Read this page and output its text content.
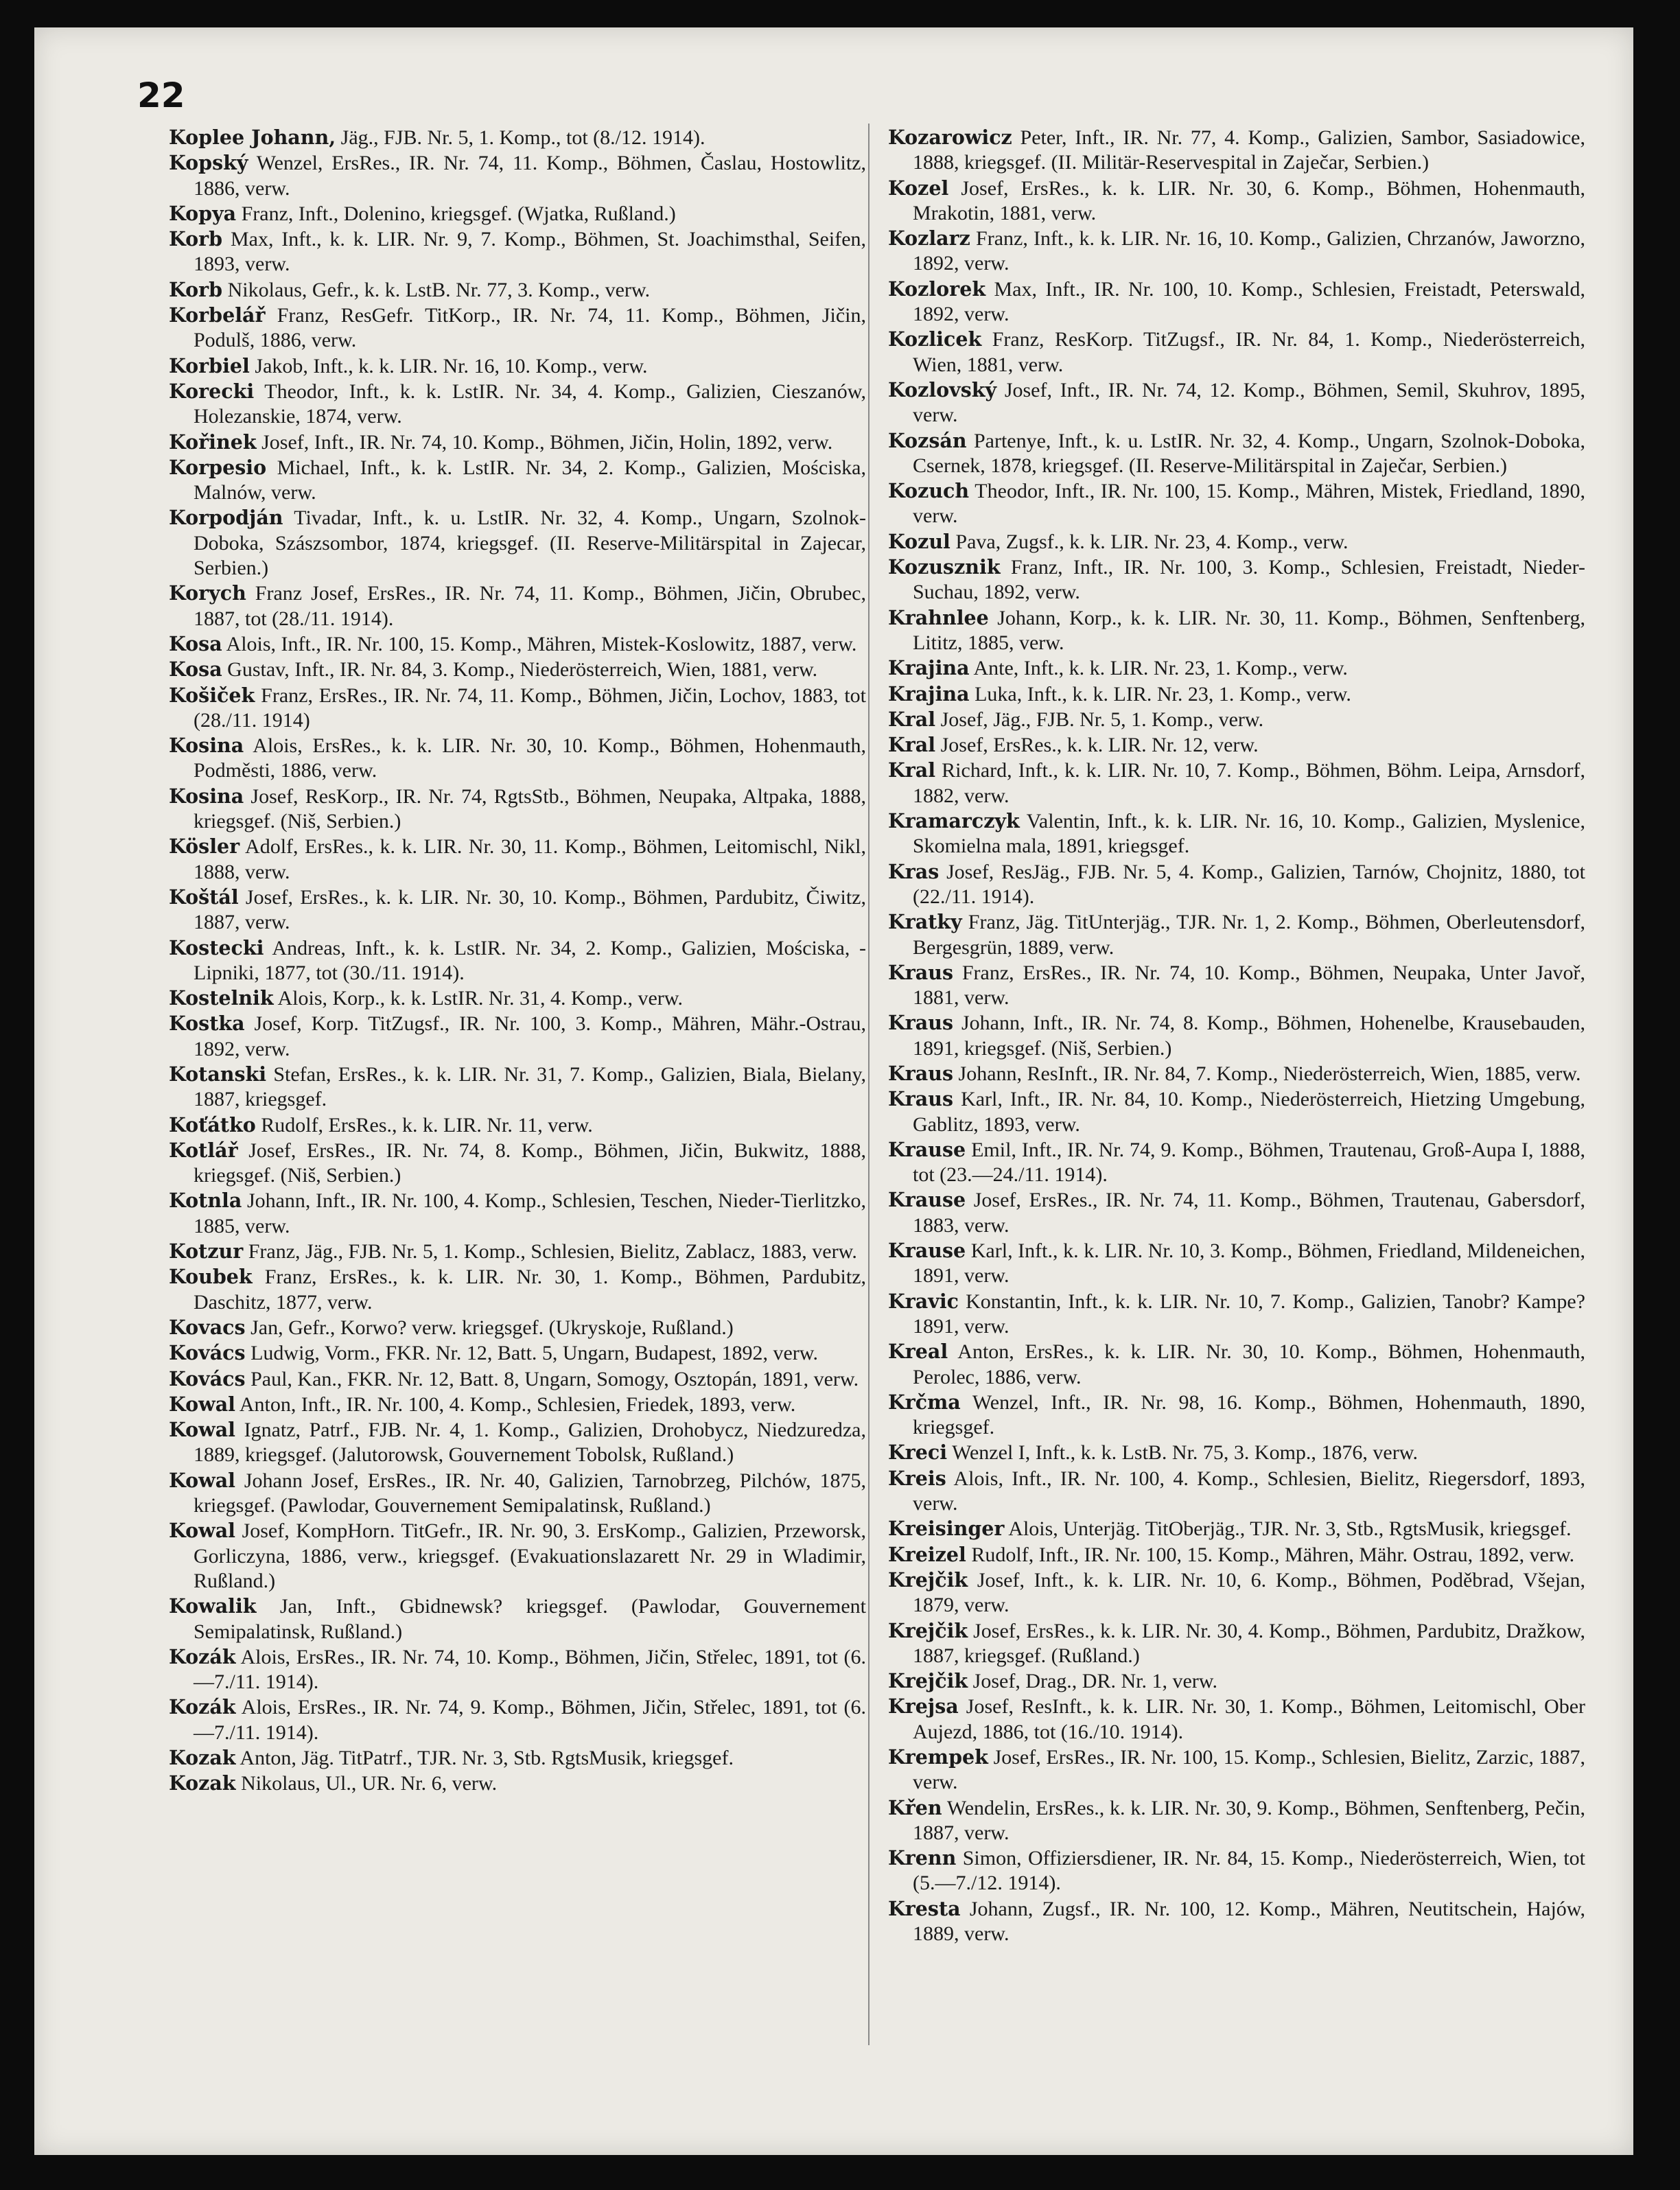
22

Koplee Johann, Jäg., FJB. Nr. 5, 1. Komp., tot (8./12. 1914).

Kopský Wenzel, ErsRes., IR. Nr. 74, 11. Komp., Böhmen, Časlau, Hostowlitz, 1886, verw.

Kopya Franz, Inft., Dolenino, kriegsgef. (Wjatka, Rußland.)

Korb Max, Inft., k. k. LIR. Nr. 9, 7. Komp., Böhmen, St. Joachimsthal, Seifen, 1893, verw.

Korb Nikolaus, Gefr., k. k. LstB. Nr. 77, 3. Komp., verw.

Korbelář Franz, ResGefr. TitKorp., IR. Nr. 74, 11. Komp., Böhmen, Jičin, Podulš, 1886, verw.

Korbiel Jakob, Inft., k. k. LIR. Nr. 16, 10. Komp., verw.

Korecki Theodor, Inft., k. k. LstIR. Nr. 34, 4. Komp., Galizien, Cieszanów, Holezanskie, 1874, verw.

Kořinek Josef, Inft., IR. Nr. 74, 10. Komp., Böhmen, Jičin, Holin, 1892, verw.

Korpesio Michael, Inft., k. k. LstIR. Nr. 34, 2. Komp., Galizien, Mościska, Malnów, verw.

Korpodján Tivadar, Inft., k. u. LstIR. Nr. 32, 4. Komp., Ungarn, Szolnok-Doboka, Szászsombor, 1874, kriegsgef. (II. Reserve-Militärspital in Zajecar, Serbien.)

Korych Franz Josef, ErsRes., IR. Nr. 74, 11. Komp., Böhmen, Jičin, Obrubec, 1887, tot (28./11. 1914).

Kosa Alois, Inft., IR. Nr. 100, 15. Komp., Mähren, Mistek-Koslowitz, 1887, verw.

Kosa Gustav, Inft., IR. Nr. 84, 3. Komp., Niederösterreich, Wien, 1881, verw.

Košiček Franz, ErsRes., IR. Nr. 74, 11. Komp., Böhmen, Jičin, Lochov, 1883, tot (28./11. 1914)

Kosina Alois, ErsRes., k. k. LIR. Nr. 30, 10. Komp., Böhmen, Hohenmauth, Podměsti, 1886, verw.

Kosina Josef, ResKorp., IR. Nr. 74, RgtsStb., Böhmen, Neupaka, Altpaka, 1888, kriegsgef. (Niš, Serbien.)

Kösler Adolf, ErsRes., k. k. LIR. Nr. 30, 11. Komp., Böhmen, Leitomischl, Nikl, 1888, verw.

Koštál Josef, ErsRes., k. k. LIR. Nr. 30, 10. Komp., Böhmen, Pardubitz, Čiwitz, 1887, verw.

Kostecki Andreas, Inft., k. k. LstIR. Nr. 34, 2. Komp., Galizien, Mościska, -Lipniki, 1877, tot (30./11. 1914).

Kostelnik Alois, Korp., k. k. LstIR. Nr. 31, 4. Komp., verw.

Kostka Josef, Korp. TitZugsf., IR. Nr. 100, 3. Komp., Mähren, Mähr.-Ostrau, 1892, verw.

Kotanski Stefan, ErsRes., k. k. LIR. Nr. 31, 7. Komp., Galizien, Biala, Bielany, 1887, kriegsgef.

Koťátko Rudolf, ErsRes., k. k. LIR. Nr. 11, verw.

Kotlář Josef, ErsRes., IR. Nr. 74, 8. Komp., Böhmen, Jičin, Bukwitz, 1888, kriegsgef. (Niš, Serbien.)

Kotnla Johann, Inft., IR. Nr. 100, 4. Komp., Schlesien, Teschen, Nieder-Tierlitzko, 1885, verw.

Kotzur Franz, Jäg., FJB. Nr. 5, 1. Komp., Schlesien, Bielitz, Zablacz, 1883, verw.

Koubek Franz, ErsRes., k. k. LIR. Nr. 30, 1. Komp., Böhmen, Pardubitz, Daschitz, 1877, verw.

Kovacs Jan, Gefr., Korwo? verw. kriegsgef. (Ukryskoje, Rußland.)

Kovács Ludwig, Vorm., FKR. Nr. 12, Batt. 5, Ungarn, Budapest, 1892, verw.

Kovács Paul, Kan., FKR. Nr. 12, Batt. 8, Ungarn, Somogy, Osztopán, 1891, verw.

Kowal Anton, Inft., IR. Nr. 100, 4. Komp., Schlesien, Friedek, 1893, verw.

Kowal Ignatz, Patrf., FJB. Nr. 4, 1. Komp., Galizien, Drohobycz, Niedzuredza, 1889, kriegsgef. (Jalutorowsk, Gouvernement Tobolsk, Rußland.)

Kowal Johann Josef, ErsRes., IR. Nr. 40, Galizien, Tarnobrzeg, Pilchów, 1875, kriegsgef. (Pawlodar, Gouvernement Semipalatinsk, Rußland.)

Kowal Josef, KompHorn. TitGefr., IR. Nr. 90, 3. ErsKomp., Galizien, Przeworsk, Gorliczyna, 1886, verw., kriegsgef. (Evakuationslazarett Nr. 29 in Wladimir, Rußland.)

Kowalik Jan, Inft., Gbidnewsk? kriegsgef. (Pawlodar, Gouvernement Semipalatinsk, Rußland.)

Kozák Alois, ErsRes., IR. Nr. 74, 10. Komp., Böhmen, Jičin, Střelec, 1891, tot (6.—7./11. 1914).

Kozák Alois, ErsRes., IR. Nr. 74, 9. Komp., Böhmen, Jičin, Střelec, 1891, tot (6.—7./11. 1914).

Kozak Anton, Jäg. TitPatrf., TJR. Nr. 3, Stb. RgtsMusik, kriegsgef.

Kozak Nikolaus, Ul., UR. Nr. 6, verw.

Kozarowicz Peter, Inft., IR. Nr. 77, 4. Komp., Galizien, Sambor, Sasiadowice, 1888, kriegsgef. (II. Militär-Reservespital in Zaječar, Serbien.)

Kozel Josef, ErsRes., k. k. LIR. Nr. 30, 6. Komp., Böhmen, Hohenmauth, Mrakotin, 1881, verw.

Kozlarz Franz, Inft., k. k. LIR. Nr. 16, 10. Komp., Galizien, Chrzanów, Jaworzno, 1892, verw.

Kozlorek Max, Inft., IR. Nr. 100, 10. Komp., Schlesien, Freistadt, Peterswald, 1892, verw.

Kozlicek Franz, ResKorp. TitZugsf., IR. Nr. 84, 1. Komp., Niederösterreich, Wien, 1881, verw.

Kozlovský Josef, Inft., IR. Nr. 74, 12. Komp., Böhmen, Semil, Skuhrov, 1895, verw.

Kozsán Partenye, Inft., k. u. LstIR. Nr. 32, 4. Komp., Ungarn, Szolnok-Doboka, Csernek, 1878, kriegsgef. (II. Reserve-Militärspital in Zaječar, Serbien.)

Kozuch Theodor, Inft., IR. Nr. 100, 15. Komp., Mähren, Mistek, Friedland, 1890, verw.

Kozul Pava, Zugsf., k. k. LIR. Nr. 23, 4. Komp., verw.

Kozusznik Franz, Inft., IR. Nr. 100, 3. Komp., Schlesien, Freistadt, Nieder-Suchau, 1892, verw.

Krahnlee Johann, Korp., k. k. LIR. Nr. 30, 11. Komp., Böhmen, Senftenberg, Lititz, 1885, verw.

Krajina Ante, Inft., k. k. LIR. Nr. 23, 1. Komp., verw.

Krajina Luka, Inft., k. k. LIR. Nr. 23, 1. Komp., verw.

Kral Josef, Jäg., FJB. Nr. 5, 1. Komp., verw.

Kral Josef, ErsRes., k. k. LIR. Nr. 12, verw.

Kral Richard, Inft., k. k. LIR. Nr. 10, 7. Komp., Böhmen, Böhm. Leipa, Arnsdorf, 1882, verw.

Kramarczyk Valentin, Inft., k. k. LIR. Nr. 16, 10. Komp., Galizien, Myslenice, Skomielna mala, 1891, kriegsgef.

Kras Josef, ResJäg., FJB. Nr. 5, 4. Komp., Galizien, Tarnów, Chojnitz, 1880, tot (22./11. 1914).

Kratky Franz, Jäg. TitUnterjäg., TJR. Nr. 1, 2. Komp., Böhmen, Oberleutensdorf, Bergesgrün, 1889, verw.

Kraus Franz, ErsRes., IR. Nr. 74, 10. Komp., Böhmen, Neupaka, Unter Javoř, 1881, verw.

Kraus Johann, Inft., IR. Nr. 74, 8. Komp., Böhmen, Hohenelbe, Krausebauden, 1891, kriegsgef. (Niš, Serbien.)

Kraus Johann, ResInft., IR. Nr. 84, 7. Komp., Niederösterreich, Wien, 1885, verw.

Kraus Karl, Inft., IR. Nr. 84, 10. Komp., Niederösterreich, Hietzing Umgebung, Gablitz, 1893, verw.

Krause Emil, Inft., IR. Nr. 74, 9. Komp., Böhmen, Trautenau, Groß-Aupa I, 1888, tot (23.—24./11. 1914).

Krause Josef, ErsRes., IR. Nr. 74, 11. Komp., Böhmen, Trautenau, Gabersdorf, 1883, verw.

Krause Karl, Inft., k. k. LIR. Nr. 10, 3. Komp., Böhmen, Friedland, Mildeneichen, 1891, verw.

Kravic Konstantin, Inft., k. k. LIR. Nr. 10, 7. Komp., Galizien, Tanobr? Kampe? 1891, verw.

Kreal Anton, ErsRes., k. k. LIR. Nr. 30, 10. Komp., Böhmen, Hohenmauth, Perolec, 1886, verw.

Krčma Wenzel, Inft., IR. Nr. 98, 16. Komp., Böhmen, Hohenmauth, 1890, kriegsgef.

Kreci Wenzel I, Inft., k. k. LstB. Nr. 75, 3. Komp., 1876, verw.

Kreis Alois, Inft., IR. Nr. 100, 4. Komp., Schlesien, Bielitz, Riegersdorf, 1893, verw.

Kreisinger Alois, Unterjäg. TitOberjäg., TJR. Nr. 3, Stb., RgtsMusik, kriegsgef.

Kreizel Rudolf, Inft., IR. Nr. 100, 15. Komp., Mähren, Mähr. Ostrau, 1892, verw.

Krejčik Josef, Inft., k. k. LIR. Nr. 10, 6. Komp., Böhmen, Poděbrad, Všejan, 1879, verw.

Krejčik Josef, ErsRes., k. k. LIR. Nr. 30, 4. Komp., Böhmen, Pardubitz, Dražkow, 1887, kriegsgef. (Rußland.)

Krejčik Josef, Drag., DR. Nr. 1, verw.

Krejsa Josef, ResInft., k. k. LIR. Nr. 30, 1. Komp., Böhmen, Leitomischl, Ober Aujezd, 1886, tot (16./10. 1914).

Krempek Josef, ErsRes., IR. Nr. 100, 15. Komp., Schlesien, Bielitz, Zarzic, 1887, verw.

Křen Wendelin, ErsRes., k. k. LIR. Nr. 30, 9. Komp., Böhmen, Senftenberg, Pečin, 1887, verw.

Krenn Simon, Offiziersdiener, IR. Nr. 84, 15. Komp., Niederösterreich, Wien, tot (5.—7./12. 1914).

Kresta Johann, Zugsf., IR. Nr. 100, 12. Komp., Mähren, Neutitschein, Hajów, 1889, verw.
